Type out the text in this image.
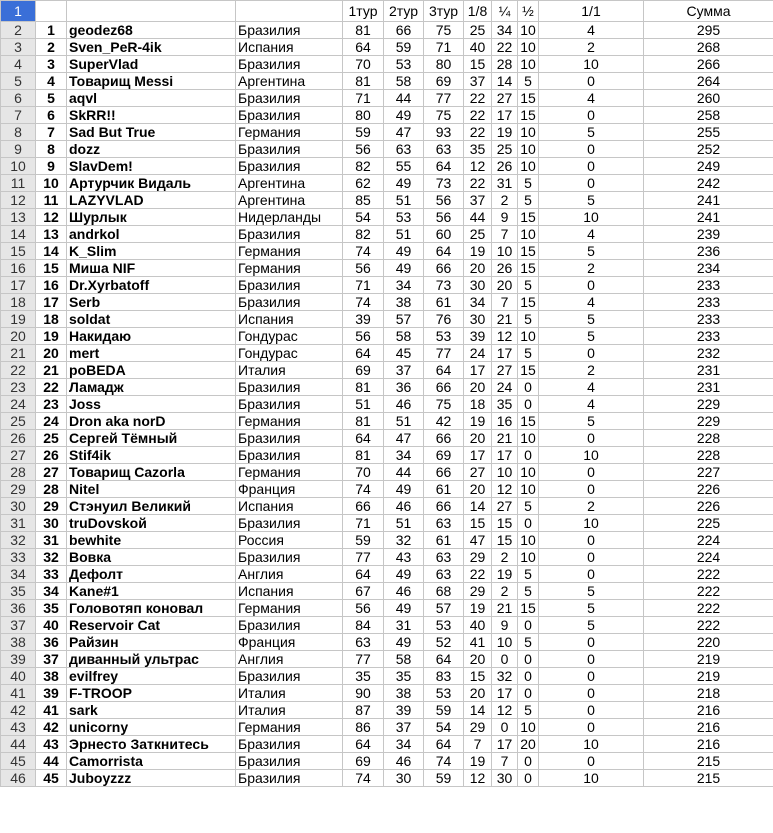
1				1тур	2тур	3тур	1/8	¼	½	1/1	Сумма
2	1	geodez68	Бразилия	81	66	75	25	34	10	4	295
3	2	Sven_PeR-4ik	Испания	64	59	71	40	22	10	2	268
4	3	SuperVlad	Бразилия	70	53	80	15	28	10	10	266
5	4	Товарищ Messi	Аргентина	81	58	69	37	14	5	0	264
6	5	aqvl	Бразилия	71	44	77	22	27	15	4	260
7	6	SkRR!!	Бразилия	80	49	75	22	17	15	0	258
8	7	Sad But True	Германия	59	47	93	22	19	10	5	255
9	8	dozz	Бразилия	56	63	63	35	25	10	0	252
10	9	SlavDem!	Бразилия	82	55	64	12	26	10	0	249
11	10	Артурчик Видаль	Аргентина	62	49	73	22	31	5	0	242
12	11	LAZYVLAD	Аргентина	85	51	56	37	2	5	5	241
13	12	Шурлык	Нидерланды	54	53	56	44	9	15	10	241
14	13	andrkol	Бразилия	82	51	60	25	7	10	4	239
15	14	K_Slim	Германия	74	49	64	19	10	15	5	236
16	15	Миша NIF	Германия	56	49	66	20	26	15	2	234
17	16	Dr.Xyrbatoff	Бразилия	71	34	73	30	20	5	0	233
18	17	Serb	Бразилия	74	38	61	34	7	15	4	233
19	18	soldat	Испания	39	57	76	30	21	5	5	233
20	19	Накидаю	Гондурас	56	58	53	39	12	10	5	233
21	20	mert	Гондурас	64	45	77	24	17	5	0	232
22	21	poBEDA	Италия	69	37	64	17	27	15	2	231
23	22	Ламадж	Бразилия	81	36	66	20	24	0	4	231
24	23	Joss	Бразилия	51	46	75	18	35	0	4	229
25	24	Dron aka norD	Германия	81	51	42	19	16	15	5	229
26	25	Сергей Тёмный	Бразилия	64	47	66	20	21	10	0	228
27	26	Stif4ik	Бразилия	81	34	69	17	17	0	10	228
28	27	Товарищ Cazorla	Германия	70	44	66	27	10	10	0	227
29	28	Nitel	Франция	74	49	61	20	12	10	0	226
30	29	Стэнуил Великий	Испания	66	46	66	14	27	5	2	226
31	30	truDovskoй	Бразилия	71	51	63	15	15	0	10	225
32	31	bewhite	Россия	59	32	61	47	15	10	0	224
33	32	Вовка	Бразилия	77	43	63	29	2	10	0	224
34	33	Дефолт	Англия	64	49	63	22	19	5	0	222
35	34	Kane#1	Испания	67	46	68	29	2	5	5	222
36	35	Головотяп коновал	Германия	56	49	57	19	21	15	5	222
37	40	Reservoir Cat	Бразилия	84	31	53	40	9	0	5	222
38	36	Райзин	Франция	63	49	52	41	10	5	0	220
39	37	диванный ультрас	Англия	77	58	64	20	0	0	0	219
40	38	evilfrey	Бразилия	35	35	83	15	32	0	0	219
41	39	F-TROOP	Италия	90	38	53	20	17	0	0	218
42	41	sark	Италия	87	39	59	14	12	5	0	216
43	42	unicorny	Германия	86	37	54	29	0	10	0	216
44	43	Эрнесто Заткнитесь	Бразилия	64	34	64	7	17	20	10	216
45	44	Camorrista	Бразилия	69	46	74	19	7	0	0	215
46	45	Juboyzzz	Бразилия	74	30	59	12	30	0	10	215
